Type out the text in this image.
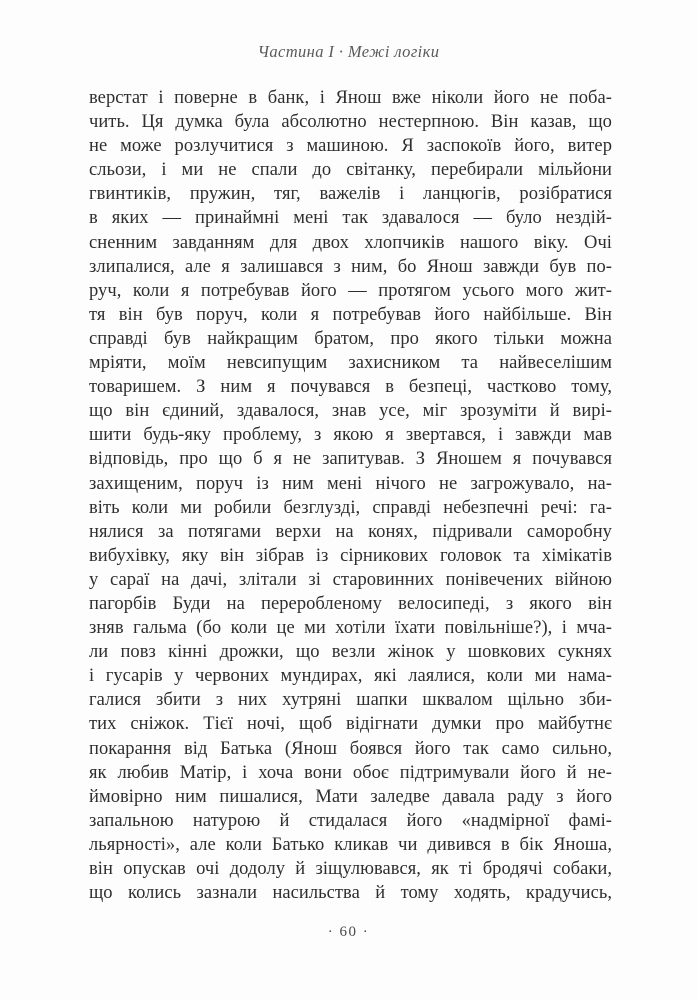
Частина I · Межі логіки
верстат і поверне в банк, і Янош вже ніколи його не поба-
чить. Ця думка була абсолютно нестерпною. Він казав, що
не може розлучитися з машиною. Я заспокоїв його, витер
сльози, і ми не спали до світанку, перебирали мільйони
гвинтиків, пружин, тяг, важелів і ланцюгів, розібратися
в яких — принаймні мені так здавалося — було нездій-
сненним завданням для двох хлопчиків нашого віку. Очі
злипалися, але я залишався з ним, бо Янош завжди був по-
руч, коли я потребував його — протягом усього мого жит-
тя він був поруч, коли я потребував його найбільше. Він
справді був найкращим братом, про якого тільки можна
мріяти, моїм невсипущим захисником та найвеселішим
товаришем. З ним я почувався в безпеці, частково тому,
що він єдиний, здавалося, знав усе, міг зрозуміти й вирі-
шити будь-яку проблему, з якою я звертався, і завжди мав
відповідь, про що б я не запитував. З Яношем я почувався
захищеним, поруч із ним мені нічого не загрожувало, на-
віть коли ми робили безглузді, справді небезпечні речі: га-
нялися за потягами верхи на конях, підривали саморобну
вибухівку, яку він зібрав із сірникових головок та хімікатів
у сараї на дачі, злітали зі старовинних понівечених війною
пагорбів Буди на переробленому велосипеді, з якого він
зняв гальма (бо коли це ми хотіли їхати повільніше?), і мча-
ли повз кінні дрожки, що везли жінок у шовкових сукнях
і гусарів у червоних мундирах, які лаялися, коли ми нама-
галися збити з них хутряні шапки шквалом щільно зби-
тих сніжок. Тієї ночі, щоб відігнати думки про майбутнє
покарання від Батька (Янош боявся його так само сильно,
як любив Матір, і хоча вони обоє підтримували його й не-
ймовірно ним пишалися, Мати заледве давала раду з його
запальною натурою й стидалася його «надмірної фамі-
льярності», але коли Батько кликав чи дивився в бік Яноша,
він опускав очі додолу й зіщулювався, як ті бродячі собаки,
що колись зазнали насильства й тому ходять, крадучись,
· 60 ·
